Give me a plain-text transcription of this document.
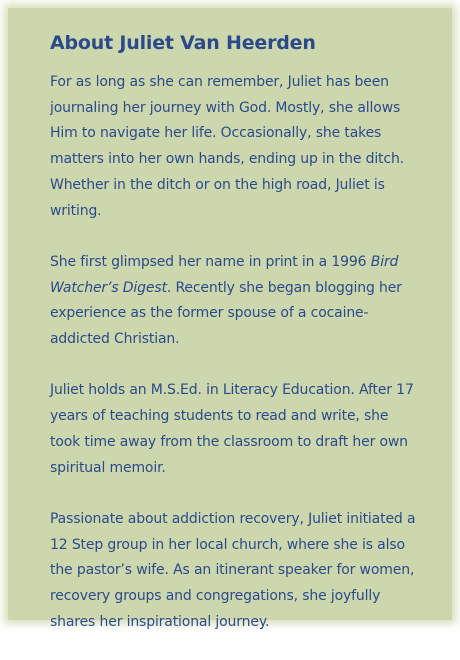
About Juliet Van Heerden

For as long as she can remember, Juliet has been journaling her journey with God. Mostly, she allows Him to navigate her life. Occasionally, she takes matters into her own hands, ending up in the ditch. Whether in the ditch or on the high road, Juliet is writing.

She first glimpsed her name in print in a 1996 Bird Watcher’s Digest. Recently she began blogging her experience as the former spouse of a cocaine-addicted Christian.

Juliet holds an M.S.Ed. in Literacy Education. After 17 years of teaching students to read and write, she took time away from the classroom to draft her own spiritual memoir.

Passionate about addiction recovery, Juliet initiated a 12 Step group in her local church, where she is also the pastor’s wife. As an itinerant speaker for women, recovery groups and congregations, she joyfully shares her inspirational journey.
